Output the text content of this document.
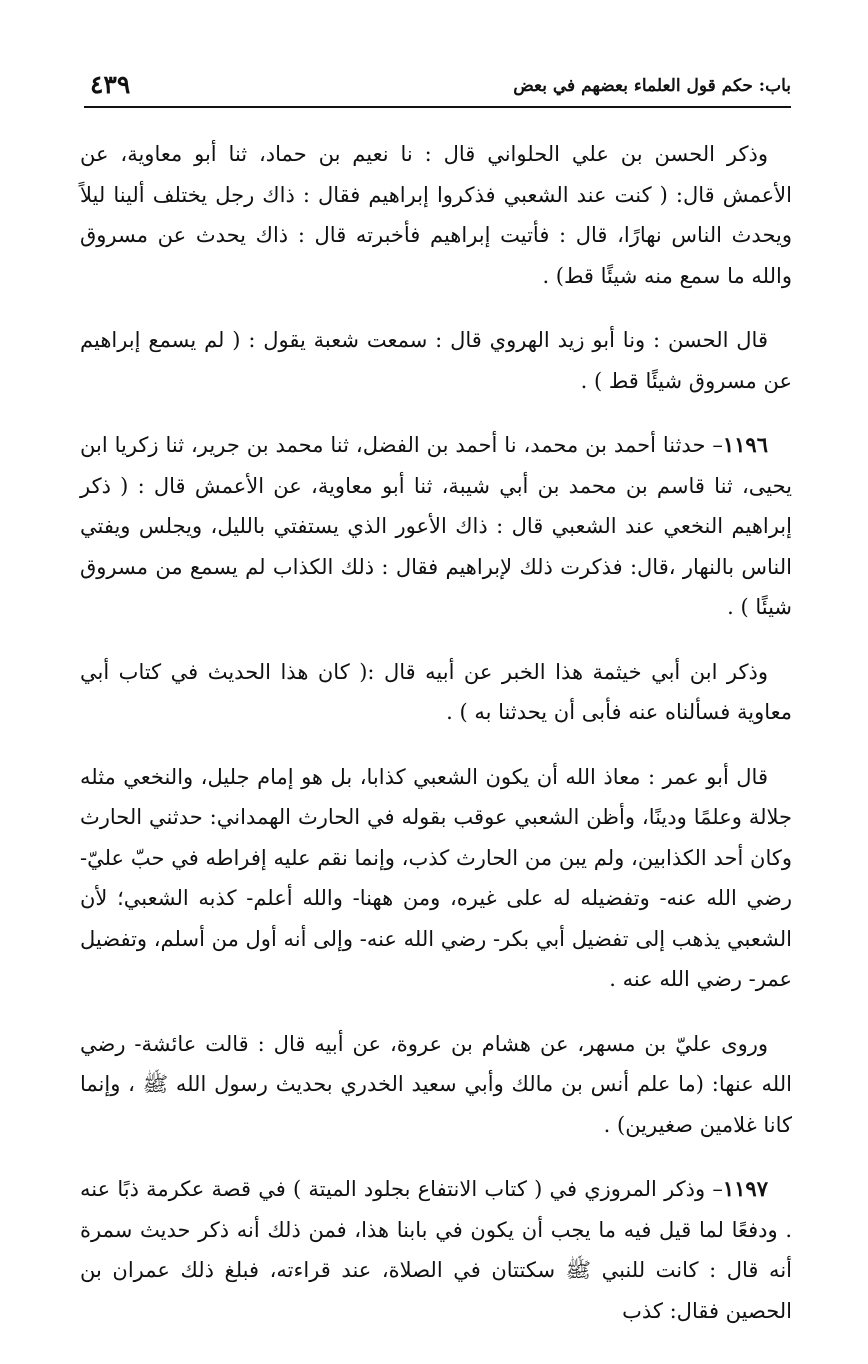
باب: حكم قول العلماء بعضهم في بعض
٤٣٩

وذكر الحسن بن علي الحلواني قال : نا نعيم بن حماد، ثنا أبو معاوية، عن الأعمش قال: ( كنت عند الشعبي فذكروا إبراهيم فقال : ذاك رجل يختلف ألينا ليلاً ويحدث الناس نهارًا، قال : فأتيت إبراهيم فأخبرته قال : ذاك يحدث عن مسروق والله ما سمع منه شيئًا قط) .

قال الحسن : ونا أبو زيد الهروي قال : سمعت شعبة يقول : ( لم يسمع إبراهيم عن مسروق شيئًا قط ) .

١١٩٦– حدثنا أحمد بن محمد، نا أحمد بن الفضل، ثنا محمد بن جرير، ثنا زكريا ابن يحيى، ثنا قاسم بن محمد بن أبي شيبة، ثنا أبو معاوية، عن الأعمش قال : ( ذكر إبراهيم النخعي عند الشعبي قال : ذاك الأعور الذي يستفتي بالليل، ويجلس ويفتي الناس بالنهار ،قال: فذكرت ذلك لإبراهيم فقال : ذلك الكذاب لم يسمع من مسروق شيئًا ) .

وذكر ابن أبي خيثمة هذا الخبر عن أبيه قال :( كان هذا الحديث في كتاب أبي معاوية فسألناه عنه فأبى أن يحدثنا به ) .

قال أبو عمر : معاذ الله أن يكون الشعبي كذابا، بل هو إمام جليل، والنخعي مثله جلالة وعلمًا ودينًا، وأظن الشعبي عوقب بقوله في الحارث الهمداني: حدثني الحارث وكان أحد الكذابين، ولم يبن من الحارث كذب، وإنما نقم عليه إفراطه في حبّ عليّ- رضي الله عنه- وتفضيله له على غيره، ومن ههنا- والله أعلم- كذبه الشعبي؛ لأن الشعبي يذهب إلى تفضيل أبي بكر- رضي الله عنه- وإلى أنه أول من أسلم، وتفضيل عمر- رضي الله عنه .

وروى عليّ بن مسهر، عن هشام بن عروة، عن أبيه قال : قالت عائشة- رضي الله عنها: (ما علم أنس بن مالك وأبي سعيد الخدري بحديث رسول الله ﷺ ، وإنما كانا غلامين صغيرين) .

١١٩٧– وذكر المروزي في ( كتاب الانتفاع بجلود الميتة ) في قصة عكرمة ذبًا عنه . ودفعًا لما قيل فيه ما يجب أن يكون في بابنا هذا، فمن ذلك أنه ذكر حديث سمرة أنه قال : كانت للنبي ﷺ سكتتان في الصلاة، عند قراءته، فبلغ ذلك عمران بن الحصين فقال: كذب
